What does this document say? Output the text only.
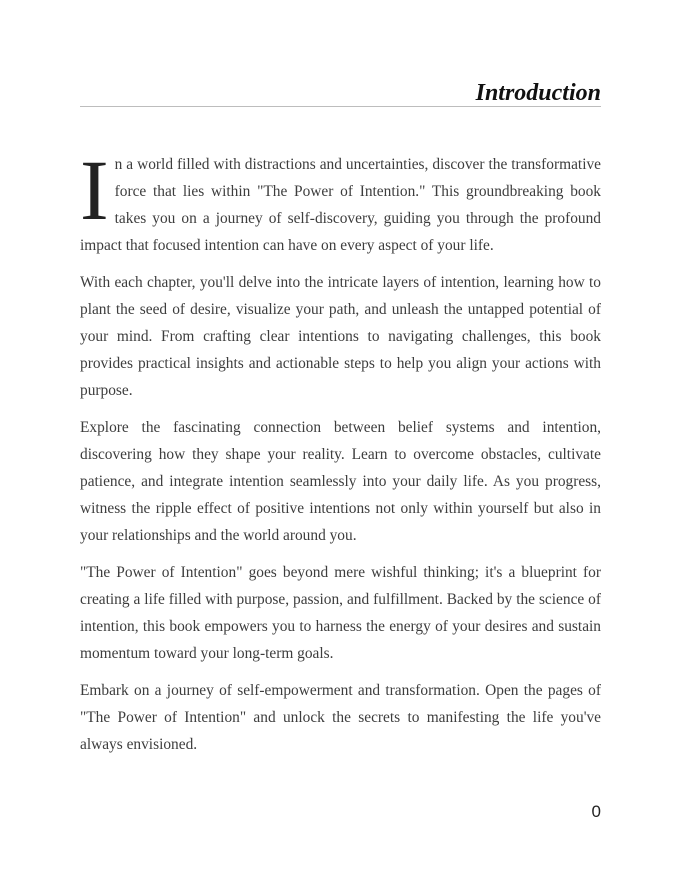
Introduction

In a world filled with distractions and uncertainties, discover the transformative force that lies within "The Power of Intention." This groundbreaking book takes you on a journey of self-discovery, guiding you through the profound impact that focused intention can have on every aspect of your life.

With each chapter, you'll delve into the intricate layers of intention, learning how to plant the seed of desire, visualize your path, and unleash the untapped potential of your mind. From crafting clear intentions to navigating challenges, this book provides practical insights and actionable steps to help you align your actions with purpose.

Explore the fascinating connection between belief systems and intention, discovering how they shape your reality. Learn to overcome obstacles, cultivate patience, and integrate intention seamlessly into your daily life. As you progress, witness the ripple effect of positive intentions not only within yourself but also in your relationships and the world around you.

"The Power of Intention" goes beyond mere wishful thinking; it's a blueprint for creating a life filled with purpose, passion, and fulfillment. Backed by the science of intention, this book empowers you to harness the energy of your desires and sustain momentum toward your long-term goals.

Embark on a journey of self-empowerment and transformation. Open the pages of "The Power of Intention" and unlock the secrets to manifesting the life you've always envisioned.

0
